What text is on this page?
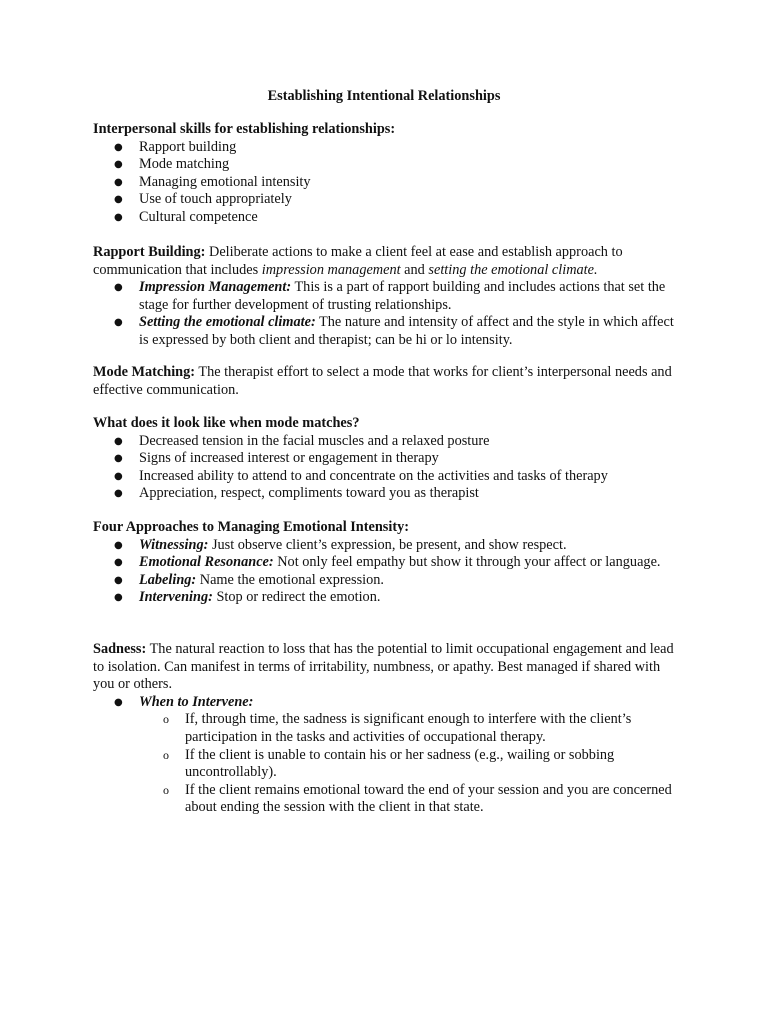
Establishing Intentional Relationships

Interpersonal skills for establishing relationships:

● Rapport building
● Mode matching
● Managing emotional intensity
● Use of touch appropriately
● Cultural competence

Rapport Building: Deliberate actions to make a client feel at ease and establish approach to communication that includes impression management and setting the emotional climate.

● Impression Management: This is a part of rapport building and includes actions that set the stage for further development of trusting relationships.
● Setting the emotional climate: The nature and intensity of affect and the style in which affect is expressed by both client and therapist; can be hi or lo intensity.

Mode Matching: The therapist effort to select a mode that works for client’s interpersonal needs and effective communication.

What does it look like when mode matches?

● Decreased tension in the facial muscles and a relaxed posture
● Signs of increased interest or engagement in therapy
● Increased ability to attend to and concentrate on the activities and tasks of therapy
● Appreciation, respect, compliments toward you as therapist

Four Approaches to Managing Emotional Intensity:

● Witnessing: Just observe client’s expression, be present, and show respect.
● Emotional Resonance: Not only feel empathy but show it through your affect or language.
● Labeling: Name the emotional expression.
● Intervening: Stop or redirect the emotion.

Sadness: The natural reaction to loss that has the potential to limit occupational engagement and lead to isolation. Can manifest in terms of irritability, numbness, or apathy. Best managed if shared with you or others.

● When to Intervene:
o If, through time, the sadness is significant enough to interfere with the client’s participation in the tasks and activities of occupational therapy.
o If the client is unable to contain his or her sadness (e.g., wailing or sobbing uncontrollably).
o If the client remains emotional toward the end of your session and you are concerned about ending the session with the client in that state.
